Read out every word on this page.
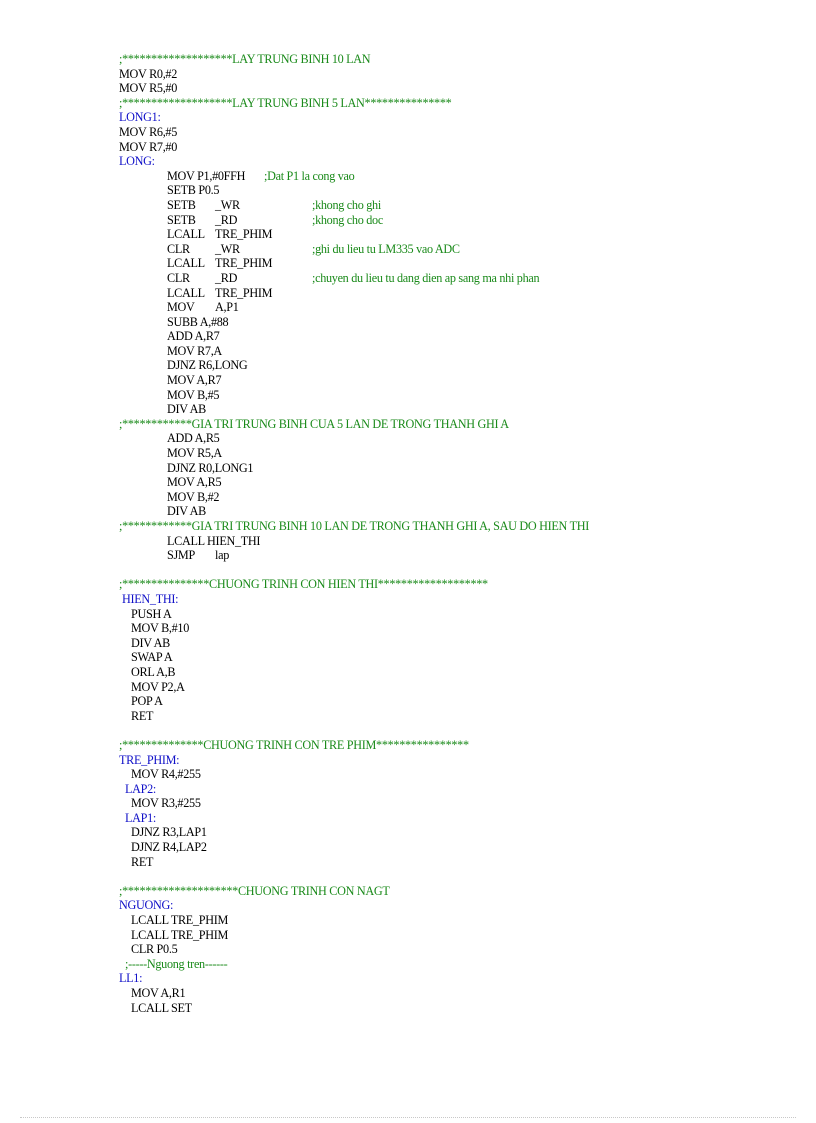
;*******************LAY TRUNG BINH 10 LAN
MOV R0,#2
MOV R5,#0
;*******************LAY TRUNG BINH 5 LAN***************
LONG1:
MOV R6,#5
MOV R7,#0
LONG:
MOV P1,#0FFH ;Dat P1 la cong vao
SETB P0.5
SETB _WR	;khong cho ghi
SETB _RD	;khong cho doc
LCALL TRE_PHIM
CLR _WR	;ghi du lieu tu LM335 vao ADC
LCALL TRE_PHIM
CLR _RD	;chuyen du lieu tu dang dien ap sang ma nhi phan
LCALL TRE_PHIM
MOV A,P1
SUBB A,#88
ADD A,R7
MOV R7,A
DJNZ R6,LONG
MOV A,R7
MOV B,#5
DIV AB
;************GIA TRI TRUNG BINH CUA 5 LAN DE TRONG THANH GHI A
ADD A,R5
MOV R5,A
DJNZ R0,LONG1
MOV A,R5
MOV B,#2
DIV AB
;************GIA TRI TRUNG BINH 10 LAN DE TRONG THANH GHI A, SAU DO HIEN THI
LCALL HIEN_THI
SJMP lap
;***************CHUONG TRINH CON HIEN THI*******************
HIEN_THI:
PUSH A
MOV B,#10
DIV AB
SWAP A
ORL A,B
MOV P2,A
POP A
RET
;**************CHUONG TRINH CON TRE PHIM****************
TRE_PHIM:
MOV R4,#255
LAP2:
MOV R3,#255
LAP1:
DJNZ R3,LAP1
DJNZ R4,LAP2
RET
;********************CHUONG TRINH CON NAGT
NGUONG:
LCALL TRE_PHIM
LCALL TRE_PHIM
CLR P0.5
;-----Nguong tren------
LL1:
MOV A,R1
LCALL SET
